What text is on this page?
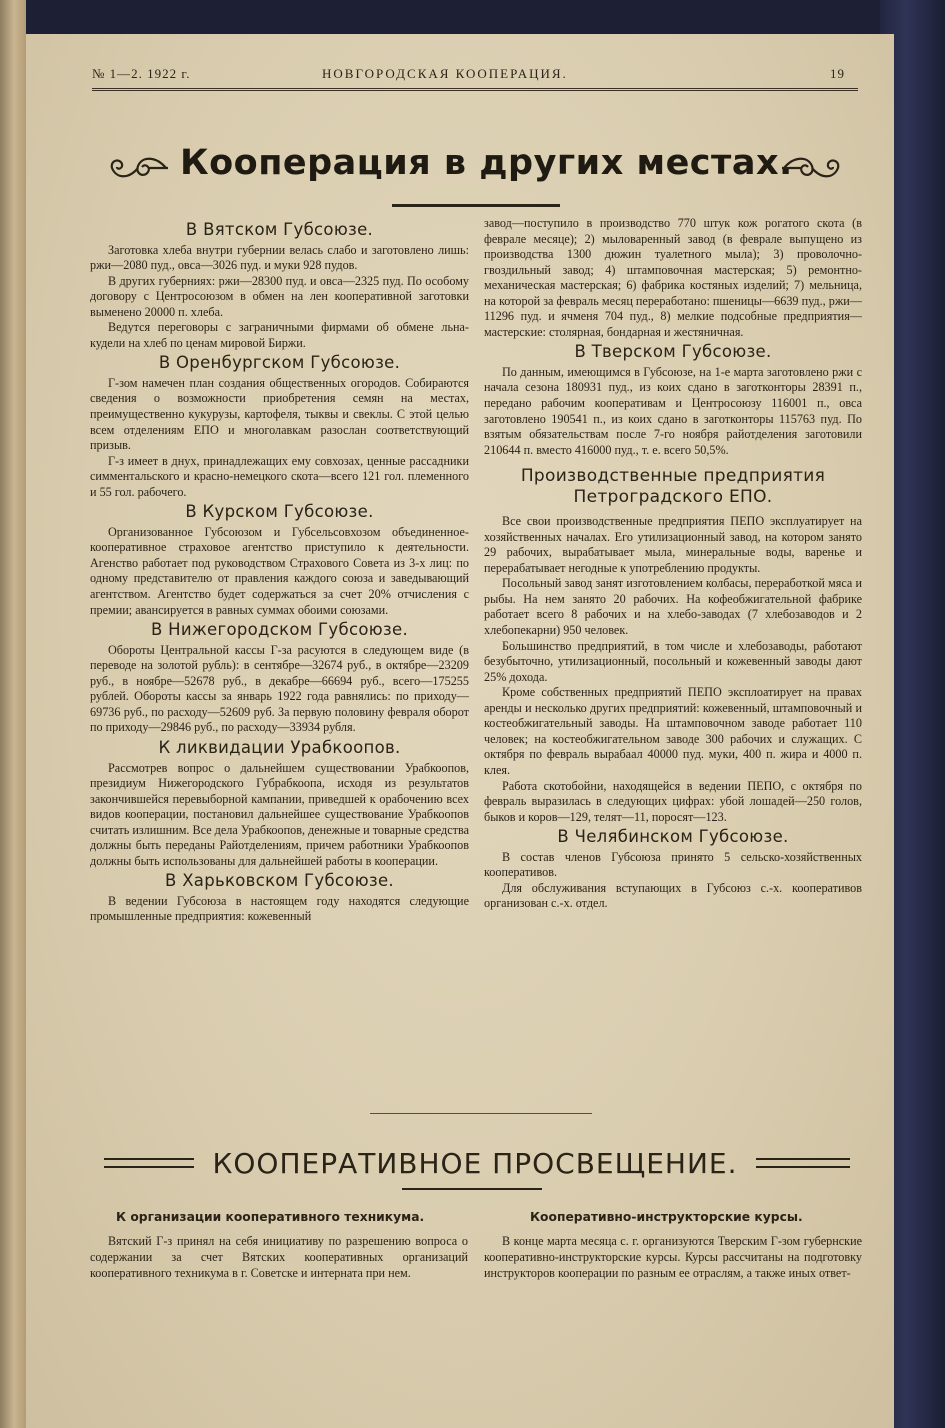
№ 1—2. 1922 г.	НОВГОРОДСКАЯ КООПЕРАЦИЯ.	19
Кооперация в других местах.
В Вятском Губсоюзе.

Заготовка хлеба внутри губернии велась слабо и заготовлено лишь: ржи—2080 пуд., овса—3026 пуд. и муки 928 пудов.

В других губерниях: ржи—28300 пуд. и овса—2325 пуд. По особому договору с Центросоюзом в обмен на лен кооперативной заготовки выменено 20000 п. хлеба.

Ведутся переговоры с заграничными фирмами об обмене льна-кудели на хлеб по ценам мировой Биржи.

В Оренбургском Губсоюзе.

Г-зом намечен план создания общественных огородов. Собираются сведения о возможности приобретения семян на местах, преимущественно кукурузы, картофеля, тыквы и свеклы. С этой целью всем отделениям ЕПО и многолавкам разослан соответствующий призыв.

Г-з имеет в днух, принадлежащих ему совхозах, ценные рассадники симментальского и красно-немецкого скота—всего 121 гол. племенного и 55 гол. рабочего.

В Курском Губсоюзе.

Организованное Губсоюзом и Губсельсовхозом объединенное-кооперативное страховое агентство приступило к деятельности. Агенство работает под руководством Страхового Совета из 3-х лиц: по одному представителю от правления каждого союза и заведывающий агентством. Агентство будет содержаться за счет 20% отчисления с премии; авансируется в равных суммах обоими союзами.

В Нижегородском Губсоюзе.

Обороты Центральной кассы Г-за расуются в следующем виде (в переводе на золотой рубль): в сентябре—32674 руб., в октябре—23209 руб., в ноябре—52678 руб., в декабре—66694 руб., всего—175255 рублей. Обороты кассы за январь 1922 года равнялись: по приходу—69736 руб., по расходу—52609 руб. За первую половину февраля оборот по приходу—29846 руб., по расходу—33934 рубля.

К ликвидации Урабкоопов.

Рассмотрев вопрос о дальнейшем существовании Урабкоопов, президиум Нижегородского Губрабкоопа, исходя из результатов закончившейся перевыборной кампании, приведшей к орабочению всех видов кооперации, постановил дальнейшее существование Урабкоопов считать излишним. Все дела Урабкоопов, денежные и товарные средства должны быть переданы Райотделениям, причем работники Урабкоопов должны быть использованы для дальнейшей работы в кооперации.

В Харьковском Губсоюзе.

В ведении Губсоюза в настоящем году находятся следующие промышленные предприятия: кожевенный

завод—поступило в производство 770 штук кож рогатого скота (в феврале месяце); 2) мыловаренный завод (в феврале выпущено из производства 1300 дюжин туалетного мыла); 3) проволочно-гвоздильный завод; 4) штамповочная мастерская; 5) ремонтно-механическая мастерская; 6) фабрика костяных изделий; 7) мельница, на которой за февраль месяц переработано: пшеницы—6639 пуд., ржи—11296 пуд. и ячменя 704 пуд., 8) мелкие подсобные предприятия—мастерские: столярная, бондарная и жестяничная.

В Тверском Губсоюзе.

По данным, имеющимся в Губсоюзе, на 1-е марта заготовлено ржи с начала сезона 180931 пуд., из коих сдано в заготконторы 28391 п., передано рабочим кооперативам и Центросоюзу 116001 п., овса заготовлено 190541 п., из коих сдано в заготконторы 115763 пуд. По взятым обязательствам после 7-го ноября райотделения заготовили 210644 п. вместо 416000 пуд., т. е. всего 50,5%.

Производственные предприятия Петроградского ЕПО.

Все свои производственные предприятия ПЕПО эксплуатирует на хозяйственных началах. Его утилизационный завод, на котором занято 29 рабочих, вырабатывает мыла, минеральные воды, варенье и перерабатывает негодные к употреблению продукты.

Посольный завод занят изготовлением колбасы, переработкой мяса и рыбы. На нем занято 20 рабочих. На кофеобжигательной фабрике работает всего 8 рабочих и на хлебо-заводах (7 хлебозаводов и 2 хлебопекарни) 950 человек.

Большинство предприятий, в том числе и хлебозаводы, работают безубыточно, утилизационный, посольный и кожевенный заводы дают 25% дохода.

Кроме собственных предприятий ПЕПО эксплоатирует на правах аренды и несколько других предприятий: кожевенный, штамповочный и костеобжигательный заводы. На штамповочном заводе работает 110 человек; на костеобжигательном заводе 300 рабочих и служащих. С октября по февраль вырабаал 40000 пуд. муки, 400 п. жира и 4000 п. клея.

Работа скотобойни, находящейся в ведении ПЕПО, с октября по февраль выразилась в следующих цифрах: убой лошадей—250 голов, быков и коров—129, телят—11, поросят—123.

В Челябинском Губсоюзе.

В состав членов Губсоюза принято 5 сельско-хозяйственных кооперативов.

Для обслуживания вступающих в Губсоюз с.-х. кооперативов организован с.-х. отдел.

КООПЕРАТИВНОЕ ПРОСВЕЩЕНИЕ.
К организации кооперативного техникума.

Вятский Г-з принял на себя инициативу по разрешению вопроса о содержании за счет Вятских кооперативных организаций кооперативного техникума в г. Советске и интерната при нем.

Кооперативно-инструкторские курсы.

В конце марта месяца с. г. организуются Тверским Г-зом губернские кооперативно-инструкторские курсы. Курсы рассчитаны на подготовку инструкторов кооперации по разным ее отраслям, а также иных ответ-
